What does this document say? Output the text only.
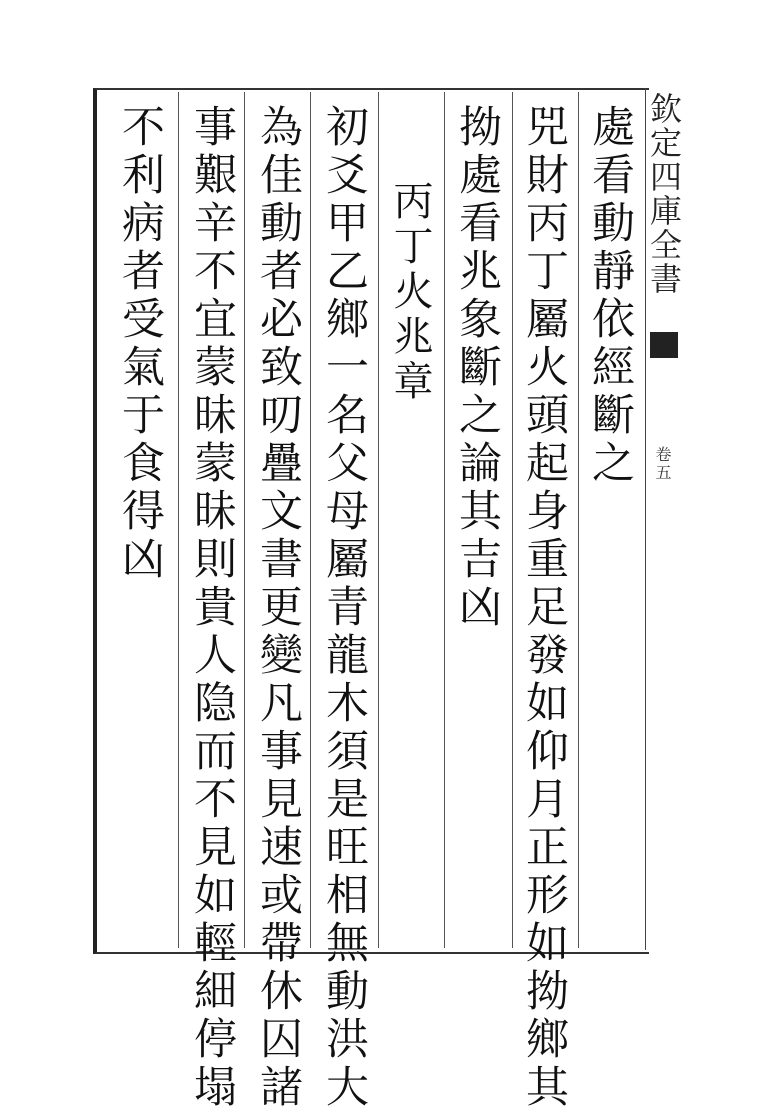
欽定四庫全書
卷五
處看動靜依經斷之
兕財丙丁屬火頭起身重足發如仰月正形如拗鄉其
拗處看兆象斷之論其吉凶
丙丁火兆章
初爻甲乙鄉一名父母屬青龍木須是旺相無動洪大
為佳動者必致叨疊文書更變凡事見速或帶休囚諸
事艱辛不宜蒙昧蒙昧則貴人隐而不見如輕細停塌
不利病者受氣于食得凶
